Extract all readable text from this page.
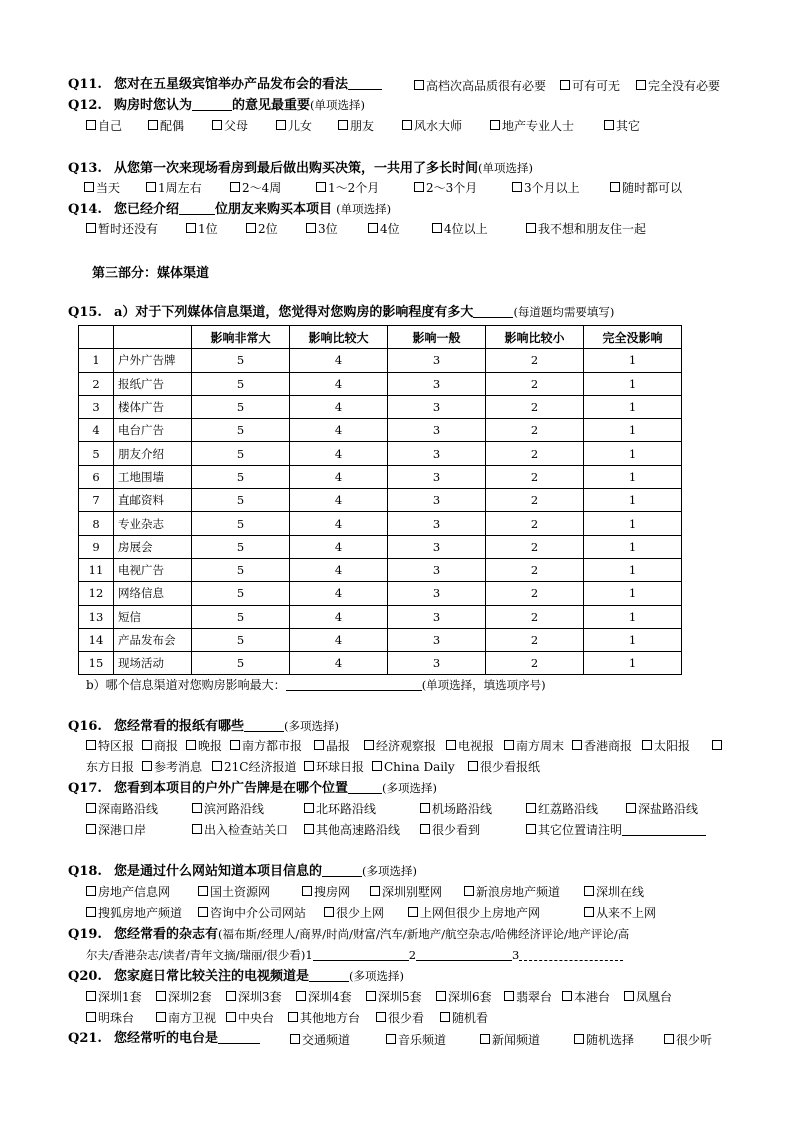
Q11. 您对在五星级宾馆举办产品发布会的看法	高档次高品质很有必要	可有可无	完全没有必要
Q12. 购房时您认为	的意见最重要(单项选择)
自己	配偶	父母	儿女	朋友	风水大师	地产专业人士	其它
Q13. 从您第一次来现场看房到最后做出购买决策，一共用了多长时间(单项选择)
当天	1周左右	2～4周	1～2个月	2～3个月	3个月以上	随时都可以
Q14. 您已经介绍	位朋友来购买本项目 (单项选择)
暂时还没有	1位	2位	3位	4位	4位以上	我不想和朋友住一起
第三部分：媒体渠道
Q15. a）对于下列媒体信息渠道，您觉得对您购房的影响程度有多大	(每道题均需要填写)
		影响非常大	影响比较大	影响一般	影响比较小	完全没影响
1	户外广告牌	5	4	3	2	1
2	报纸广告	5	4	3	2	1
3	楼体广告	5	4	3	2	1
4	电台广告	5	4	3	2	1
5	朋友介绍	5	4	3	2	1
6	工地围墙	5	4	3	2	1
7	直邮资料	5	4	3	2	1
8	专业杂志	5	4	3	2	1
9	房展会	5	4	3	2	1
11	电视广告	5	4	3	2	1
12	网络信息	5	4	3	2	1
13	短信	5	4	3	2	1
14	产品发布会	5	4	3	2	1
15	现场活动	5	4	3	2	1
b）哪个信息渠道对您购房影响最大：	(单项选择，填选项序号)
Q16. 您经常看的报纸有哪些	(多项选择)
特区报	商报	晚报	南方都市报	晶报	经济观察报	电视报	南方周末	香港商报	太阳报
东方日报	参考消息	21C经济报道	环球日报	China Daily	很少看报纸
Q17. 您看到本项目的户外广告牌是在哪个位置	(多项选择)
深南路沿线	滨河路沿线	北环路沿线	机场路沿线	红荔路沿线	深盐路沿线
深港口岸	出入检查站关口	其他高速路沿线	很少看到	其它位置请注明
Q18. 您是通过什么网站知道本项目信息的	(多项选择)
房地产信息网	国土资源网	搜房网	深圳别墅网	新浪房地产频道	深圳在线
搜狐房地产频道	咨询中介公司网站	很少上网	上网但很少上房地产网	从来不上网
Q19. 您经常看的杂志有(福布斯/经理人/商界/时尚/财富/汽车/新地产/航空杂志/哈佛经济评论/地产评论/高
尔夫/香港杂志/读者/青年文摘/瑞丽/很少看)1	2	3
Q20. 您家庭日常比较关注的电视频道是	(多项选择)
深圳1套	深圳2套	深圳3套	深圳4套	深圳5套	深圳6套	翡翠台	本港台	凤凰台
明珠台	南方卫视	中央台	其他地方台	很少看	随机看
Q21. 您经常听的电台是	交通频道	音乐频道	新闻频道	随机选择	很少听
